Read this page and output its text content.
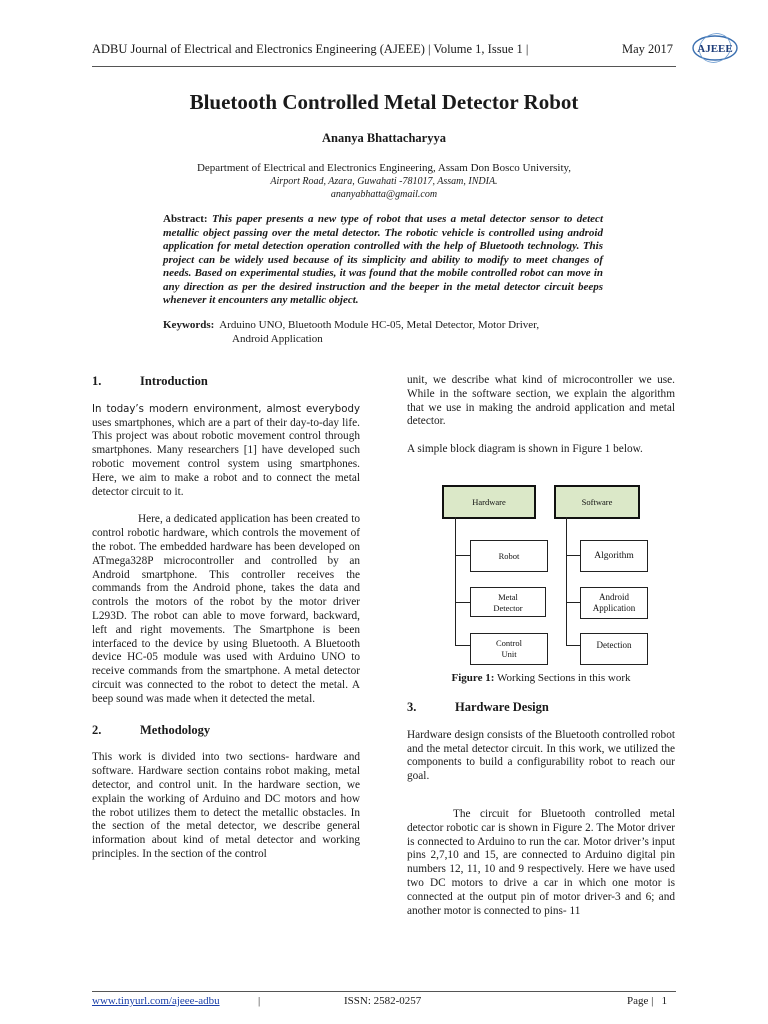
ADBU Journal of Electrical and Electronics Engineering (AJEEE) | Volume 1, Issue 1 |	May 2017 AJEEE
Bluetooth Controlled Metal Detector Robot
Ananya Bhattacharyya
Department of Electrical and Electronics Engineering, Assam Don Bosco University,
Airport Road, Azara, Guwahati -781017, Assam, INDIA.
ananyabhatta@gmail.com
Abstract: This paper presents a new type of robot that uses a metal detector sensor to detect metallic object passing over the metal detector. The robotic vehicle is controlled using android application for metal detection operation controlled with the help of Bluetooth technology. This project can be widely used because of its simplicity and ability to modify to meet changes of needs. Based on experimental studies, it was found that the mobile controlled robot can move in any direction as per the desired instruction and the beeper in the metal detector circuit beeps whenever it encounters any metallic object.
Keywords: Arduino UNO, Bluetooth Module HC-05, Metal Detector, Motor Driver,
Android Application
1.	Introduction
In today’s modern environment, almost everybody uses smartphones, which are a part of their day-to-day life. This project was about robotic movement control through smartphones. Many researchers [1] have developed such robotic movement control system using smartphones. Here, we aim to make a robot and to connect the metal detector circuit to it.
Here, a dedicated application has been created to control robotic hardware, which controls the movement of the robot. The embedded hardware has been developed on ATmega328P microcontroller and controlled by an Android smartphone. This controller receives the commands from the Android phone, takes the data and controls the motors of the robot by the motor driver L293D. The robot can able to move forward, backward, left and right movements. The Smartphone is been interfaced to the device by using Bluetooth. A Bluetooth device HC-05 module was used with Arduino UNO to receive commands from the smartphone. A metal detector circuit was connected to the robot to detect the metal. A beep sound was made when it detected the metal.
2.	Methodology
This work is divided into two sections- hardware and software. Hardware section contains robot making, metal detector, and control unit. In the hardware section, we explain the working of Arduino and DC motors and how the robot utilizes them to detect the metallic obstacles. In the section of the metal detector, we describe general information about kind of metal detector and working principles. In the section of the control
unit, we describe what kind of microcontroller we use. While in the software section, we explain the algorithm that we use in making the android application and metal detector.
A simple block diagram is shown in Figure 1 below.
Hardware
Robot
Metal Detector
Control Unit
Software
Algorithm
Android Application
Detection
Figure 1: Working Sections in this work
3.	Hardware Design
Hardware design consists of the Bluetooth controlled robot and the metal detector circuit. In this work, we utilized the components to build a configurability robot to reach our goal.
The circuit for Bluetooth controlled metal detector robotic car is shown in Figure 2. The Motor driver is connected to Arduino to run the car. Motor driver’s input pins 2,7,10 and 15, are connected to Arduino digital pin numbers 12, 11, 10 and 9 respectively. Here we have used two DC motors to drive a car in which one motor is connected at the output pin of motor driver-3 and 6; and another motor is connected to pins- 11
www.tinyurl.com/ajeee-adbu	|	ISSN: 2582-0257	Page | 1
